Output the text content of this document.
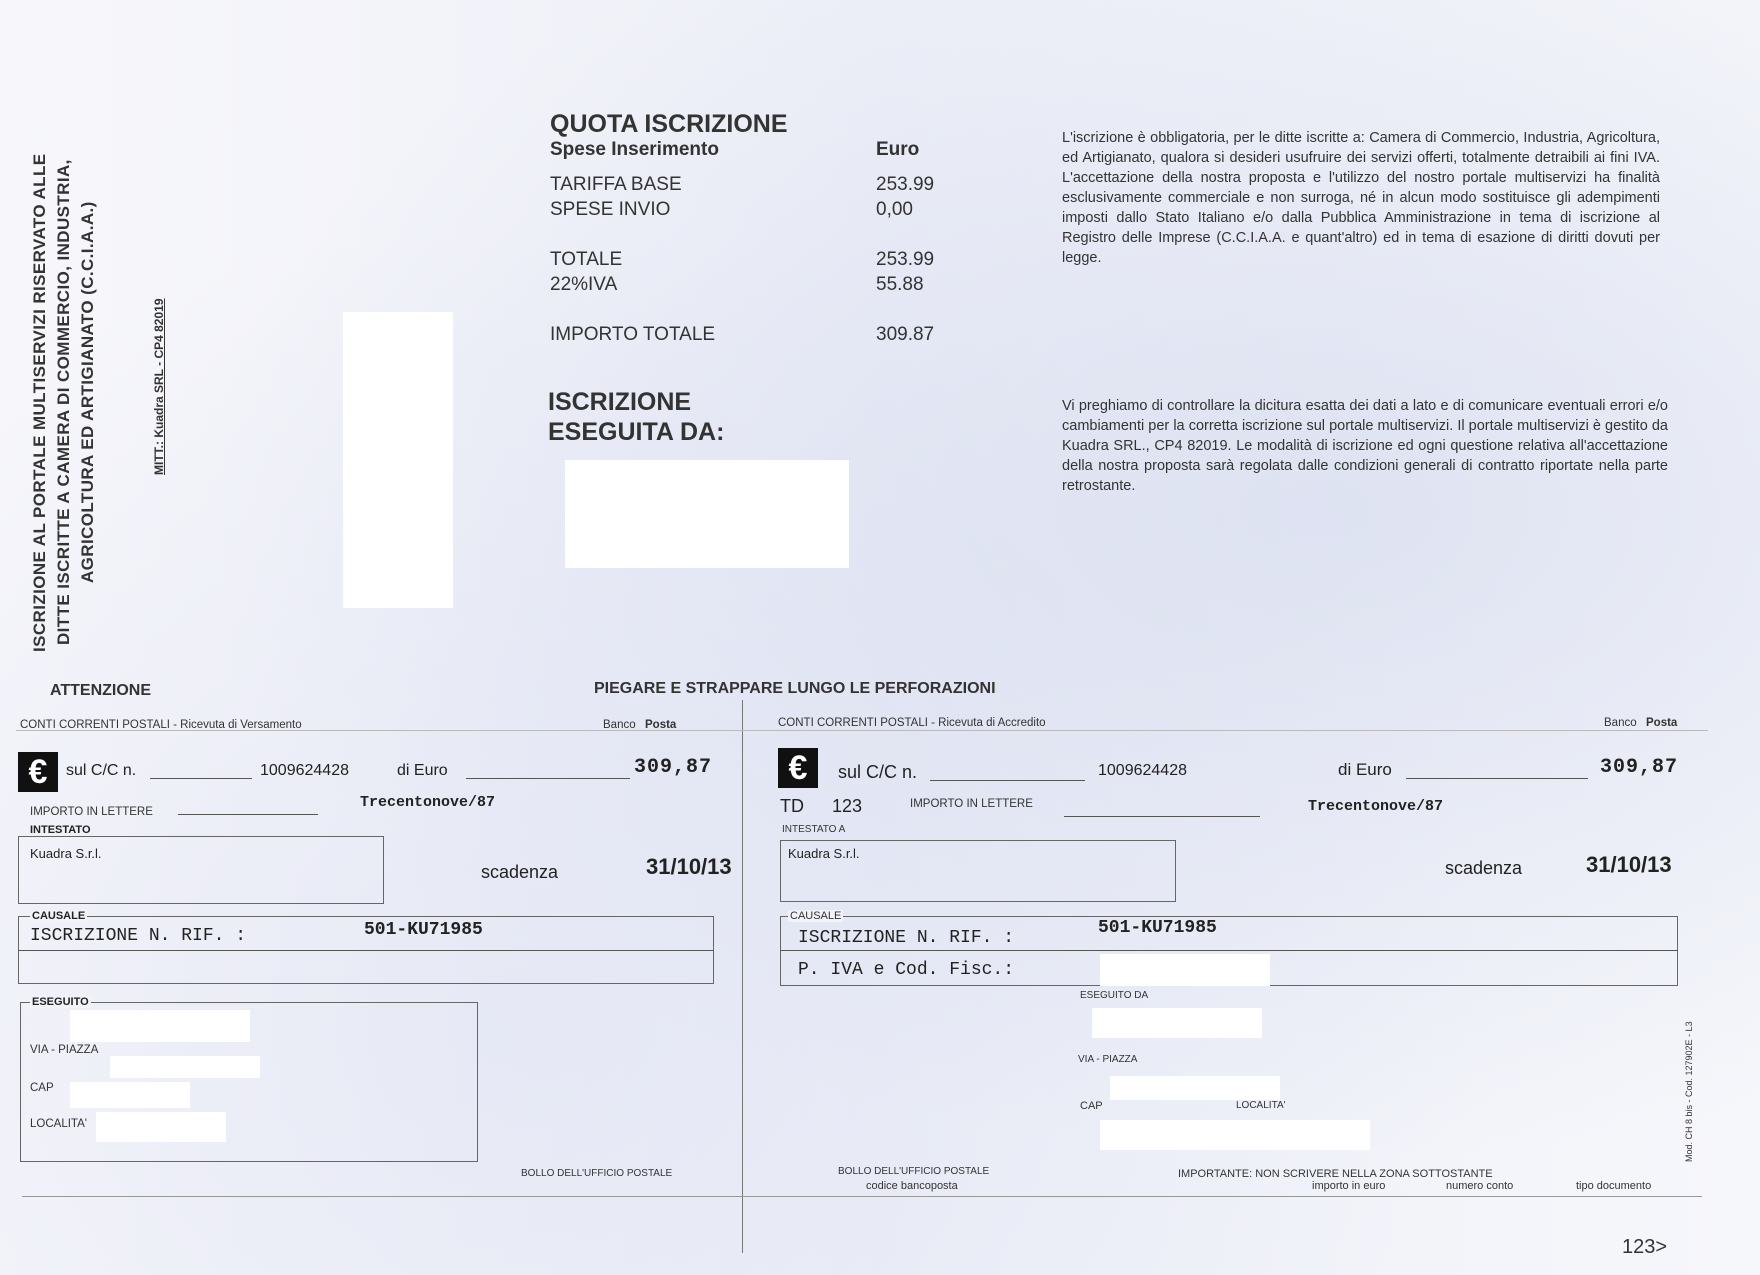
ISCRIZIONE AL PORTALE MULTISERVIZI RISERVATO ALLE DITTE ISCRITTE A CAMERA DI COMMERCIO, INDUSTRIA, AGRICOLTURA ED ARTIGIANATO (C.C.I.A.A.)	MITT.: Kuadra SRL - CP4 82019
QUOTA ISCRIZIONE
Spese Inserimento	Euro
TARIFFA BASE	253.99
SPESE INVIO	0,00
TOTALE	253.99
22%IVA	55.88
IMPORTO TOTALE	309.87
ISCRIZIONE
ESEGUITA DA:
L'iscrizione è obbligatoria, per le ditte iscritte a: Camera di Commercio, Industria, Agricoltura, ed Artigianato, qualora si desideri usufruire dei servizi offerti, totalmente detraibili ai fini IVA. L'accettazione della nostra proposta e l'utilizzo del nostro portale multiservizi ha finalità esclusivamente commerciale e non surroga, né in alcun modo sostituisce gli adempimenti imposti dallo Stato Italiano e/o dalla Pubblica Amministrazione in tema di iscrizione al Registro delle Imprese (C.C.I.A.A. e quant'altro) ed in tema di esazione di diritti dovuti per legge.
Vi preghiamo di controllare la dicitura esatta dei dati a lato e di comunicare eventuali errori e/o cambiamenti per la corretta iscrizione sul portale multiservizi. Il portale multiservizi è gestito da Kuadra SRL., CP4 82019. Le modalità di iscrizione ed ogni questione relativa all'accettazione della nostra proposta sarà regolata dalle condizioni generali di contratto riportate nella parte retrostante.
ATTENZIONE	PIEGARE E STRAPPARE LUNGO LE PERFORAZIONI
CONTI CORRENTI POSTALI - Ricevuta di Versamento	Banco Posta
€	sul C/C n.	1009624428	di Euro	309,87
IMPORTO IN LETTERE
Trecentonove/87
INTESTATO
Kuadra S.r.l.
scadenza	31/10/13
CAUSALE
ISCRIZIONE N. RIF. :	501-KU71985
ESEGUITO
VIA - PIAZZA
CAP
LOCALITA'
BOLLO DELL'UFFICIO POSTALE
CONTI CORRENTI POSTALI - Ricevuta di Accredito	Banco Posta
€	sul C/C n.	1009624428	di Euro	309,87
TD 123	IMPORTO IN LETTERE	Trecentonove/87
INTESTATO A
Kuadra S.r.l.
scadenza	31/10/13
CAUSALE
ISCRIZIONE N. RIF. :	501-KU71985
P. IVA e Cod. Fisc.:
ESEGUITO DA
VIA - PIAZZA
CAP	LOCALITA'
BOLLO DELL'UFFICIO POSTALE
codice bancoposta
IMPORTANTE: NON SCRIVERE NELLA ZONA SOTTOSTANTE
importo in euro	numero conto	tipo documento
Mod. CH 8 bis - Cod. 127902E - L3
123>
